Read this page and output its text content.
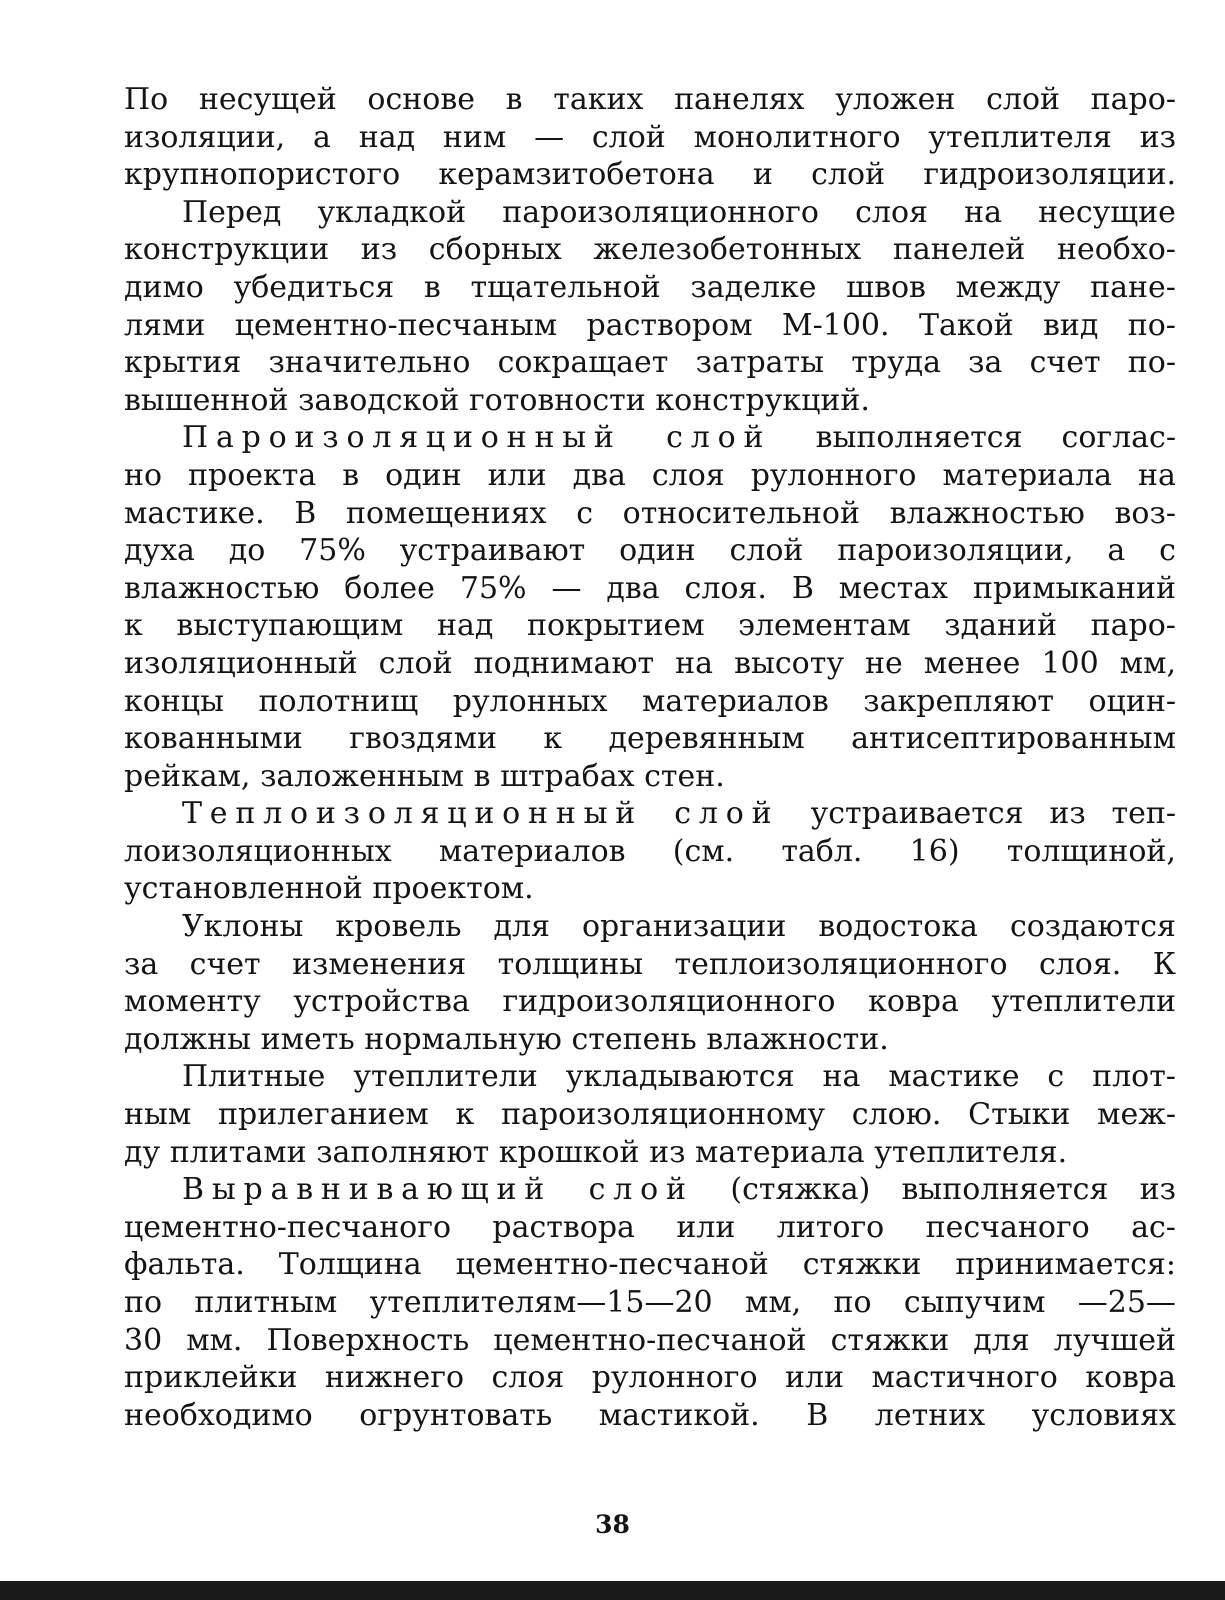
По несущей основе в таких панелях уложен слой паро-
изоляции, а над ним — слой монолитного утеплителя из
крупнопористого керамзитобетона и слой гидроизоляции.
Перед укладкой пароизоляционного слоя на несущие
конструкции из сборных железобетонных панелей необхо-
димо убедиться в тщательной заделке швов между пане-
лями цементно-песчаным раствором М-100. Такой вид по-
крытия значительно сокращает затраты труда за счет по-
вышенной заводской готовности конструкций.
Пароизоляционный слой выполняется соглас-
но проекта в один или два слоя рулонного материала на
мастике. В помещениях с относительной влажностью воз-
духа до 75% устраивают один слой пароизоляции, а с
влажностью более 75% — два слоя. В местах примыканий
к выступающим над покрытием элементам зданий паро-
изоляционный слой поднимают на высоту не менее 100 мм,
концы полотнищ рулонных материалов закрепляют оцин-
кованными гвоздями к деревянным антисептированным
рейкам, заложенным в штрабах стен.
Теплоизоляционный слой устраивается из теп-
лоизоляционных материалов (см. табл. 16) толщиной,
установленной проектом.
Уклоны кровель для организации водостока создаются
за счет изменения толщины теплоизоляционного слоя. К
моменту устройства гидроизоляционного ковра утеплители
должны иметь нормальную степень влажности.
Плитные утеплители укладываются на мастике с плот-
ным прилеганием к пароизоляционному слою. Стыки меж-
ду плитами заполняют крошкой из материала утеплителя.
Выравнивающий слой (стяжка) выполняется из
цементно-песчаного раствора или литого песчаного ас-
фальта. Толщина цементно-песчаной стяжки принимается:
по плитным утеплителям—15—20 мм, по сыпучим —25—
30 мм. Поверхность цементно-песчаной стяжки для лучшей
приклейки нижнего слоя рулонного или мастичного ковра
необходимо огрунтовать мастикой. В летних условиях
38
